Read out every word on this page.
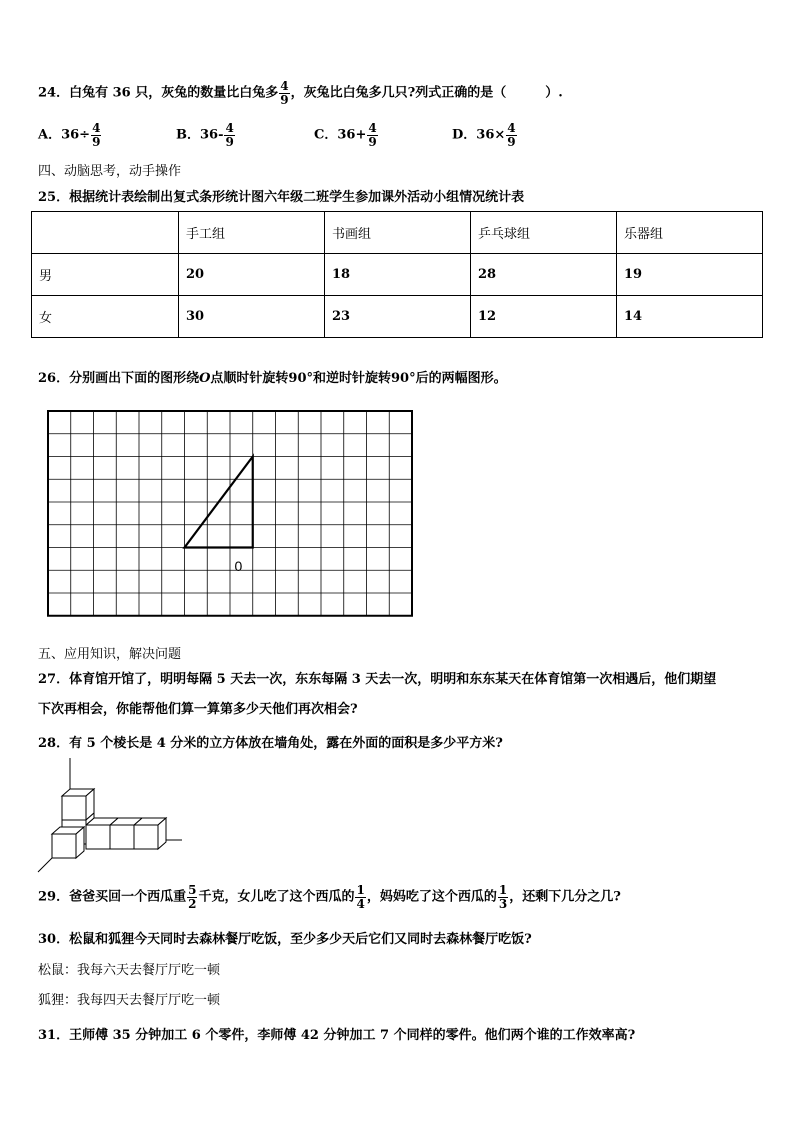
24．白兔有 36 只，灰兔的数量比白兔多 $\frac{4}{9}$ ，灰兔比白兔多几只?列式正确的是（　　　）.
A．$36\div \frac{4}{9}$	B．$36- \frac{4}{9}$	C．$36+ \frac{4}{9}$	D．$36\times \frac{4}{9}$
四、动脑思考，动手操作
25．根据统计表绘制出复式条形统计图六年级二班学生参加课外活动小组情况统计表
	手工组	书画组	乒乓球组	乐器组
男	20	18	28	19
女	30	23	12	14
26．分别画出下面的图形绕O点顺时针旋转90°和逆时针旋转90°后的两幅图形。
0
五、应用知识，解决问题
27．体育馆开馆了，明明每隔 5 天去一次，东东每隔 3 天去一次，明明和东东某天在体育馆第一次相遇后，他们期望
下次再相会，你能帮他们算一算第多少天他们再次相会?
28．有 5 个棱长是 4 分米的立方体放在墙角处，露在外面的面积是多少平方米?
29．爸爸买回一个西瓜重 $\frac{5}{2}$ 千克，女儿吃了这个西瓜的 $\frac{1}{4}$ ，妈妈吃了这个西瓜的 $\frac{1}{3}$ ，还剩下几分之几?
30．松鼠和狐狸今天同时去森林餐厅吃饭，至少多少天后它们又同时去森林餐厅吃饭?
松鼠：我每六天去餐厅厅吃一顿
狐狸：我每四天去餐厅厅吃一顿
31．王师傅 35 分钟加工 6 个零件，李师傅 42 分钟加工 7 个同样的零件。他们两个谁的工作效率高?
